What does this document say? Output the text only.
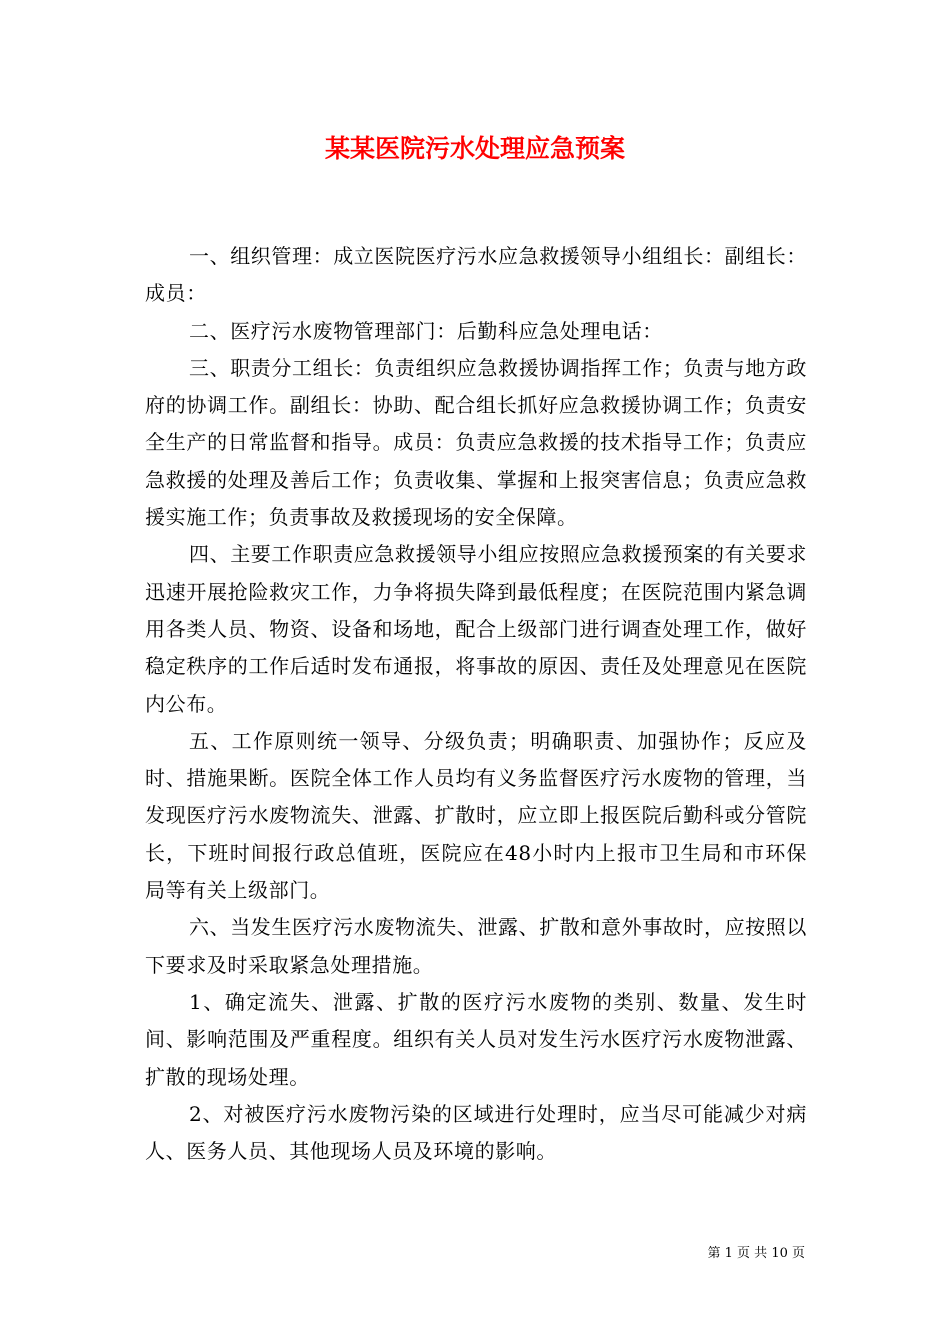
某某医院污水处理应急预案

一、组织管理：成立医院医疗污水应急救援领导小组组长：副组长：成员：

二、医疗污水废物管理部门：后勤科应急处理电话：

三、职责分工组长：负责组织应急救援协调指挥工作；负责与地方政府的协调工作。副组长：协助、配合组长抓好应急救援协调工作；负责安全生产的日常监督和指导。成员：负责应急救援的技术指导工作；负责应急救援的处理及善后工作；负责收集、掌握和上报突害信息；负责应急救援实施工作；负责事故及救援现场的安全保障。

四、主要工作职责应急救援领导小组应按照应急救援预案的有关要求迅速开展抢险救灾工作，力争将损失降到最低程度；在医院范围内紧急调用各类人员、物资、设备和场地，配合上级部门进行调查处理工作，做好稳定秩序的工作后适时发布通报，将事故的原因、责任及处理意见在医院内公布。

五、工作原则统一领导、分级负责；明确职责、加强协作；反应及时、措施果断。医院全体工作人员均有义务监督医疗污水废物的管理，当发现医疗污水废物流失、泄露、扩散时，应立即上报医院后勤科或分管院长，下班时间报行政总值班，医院应在48小时内上报市卫生局和市环保局等有关上级部门。

六、当发生医疗污水废物流失、泄露、扩散和意外事故时，应按照以下要求及时采取紧急处理措施。

1、确定流失、泄露、扩散的医疗污水废物的类别、数量、发生时间、影响范围及严重程度。组织有关人员对发生污水医疗污水废物泄露、扩散的现场处理。

2、对被医疗污水废物污染的区域进行处理时，应当尽可能减少对病人、医务人员、其他现场人员及环境的影响。

第 1 页 共 10 页
